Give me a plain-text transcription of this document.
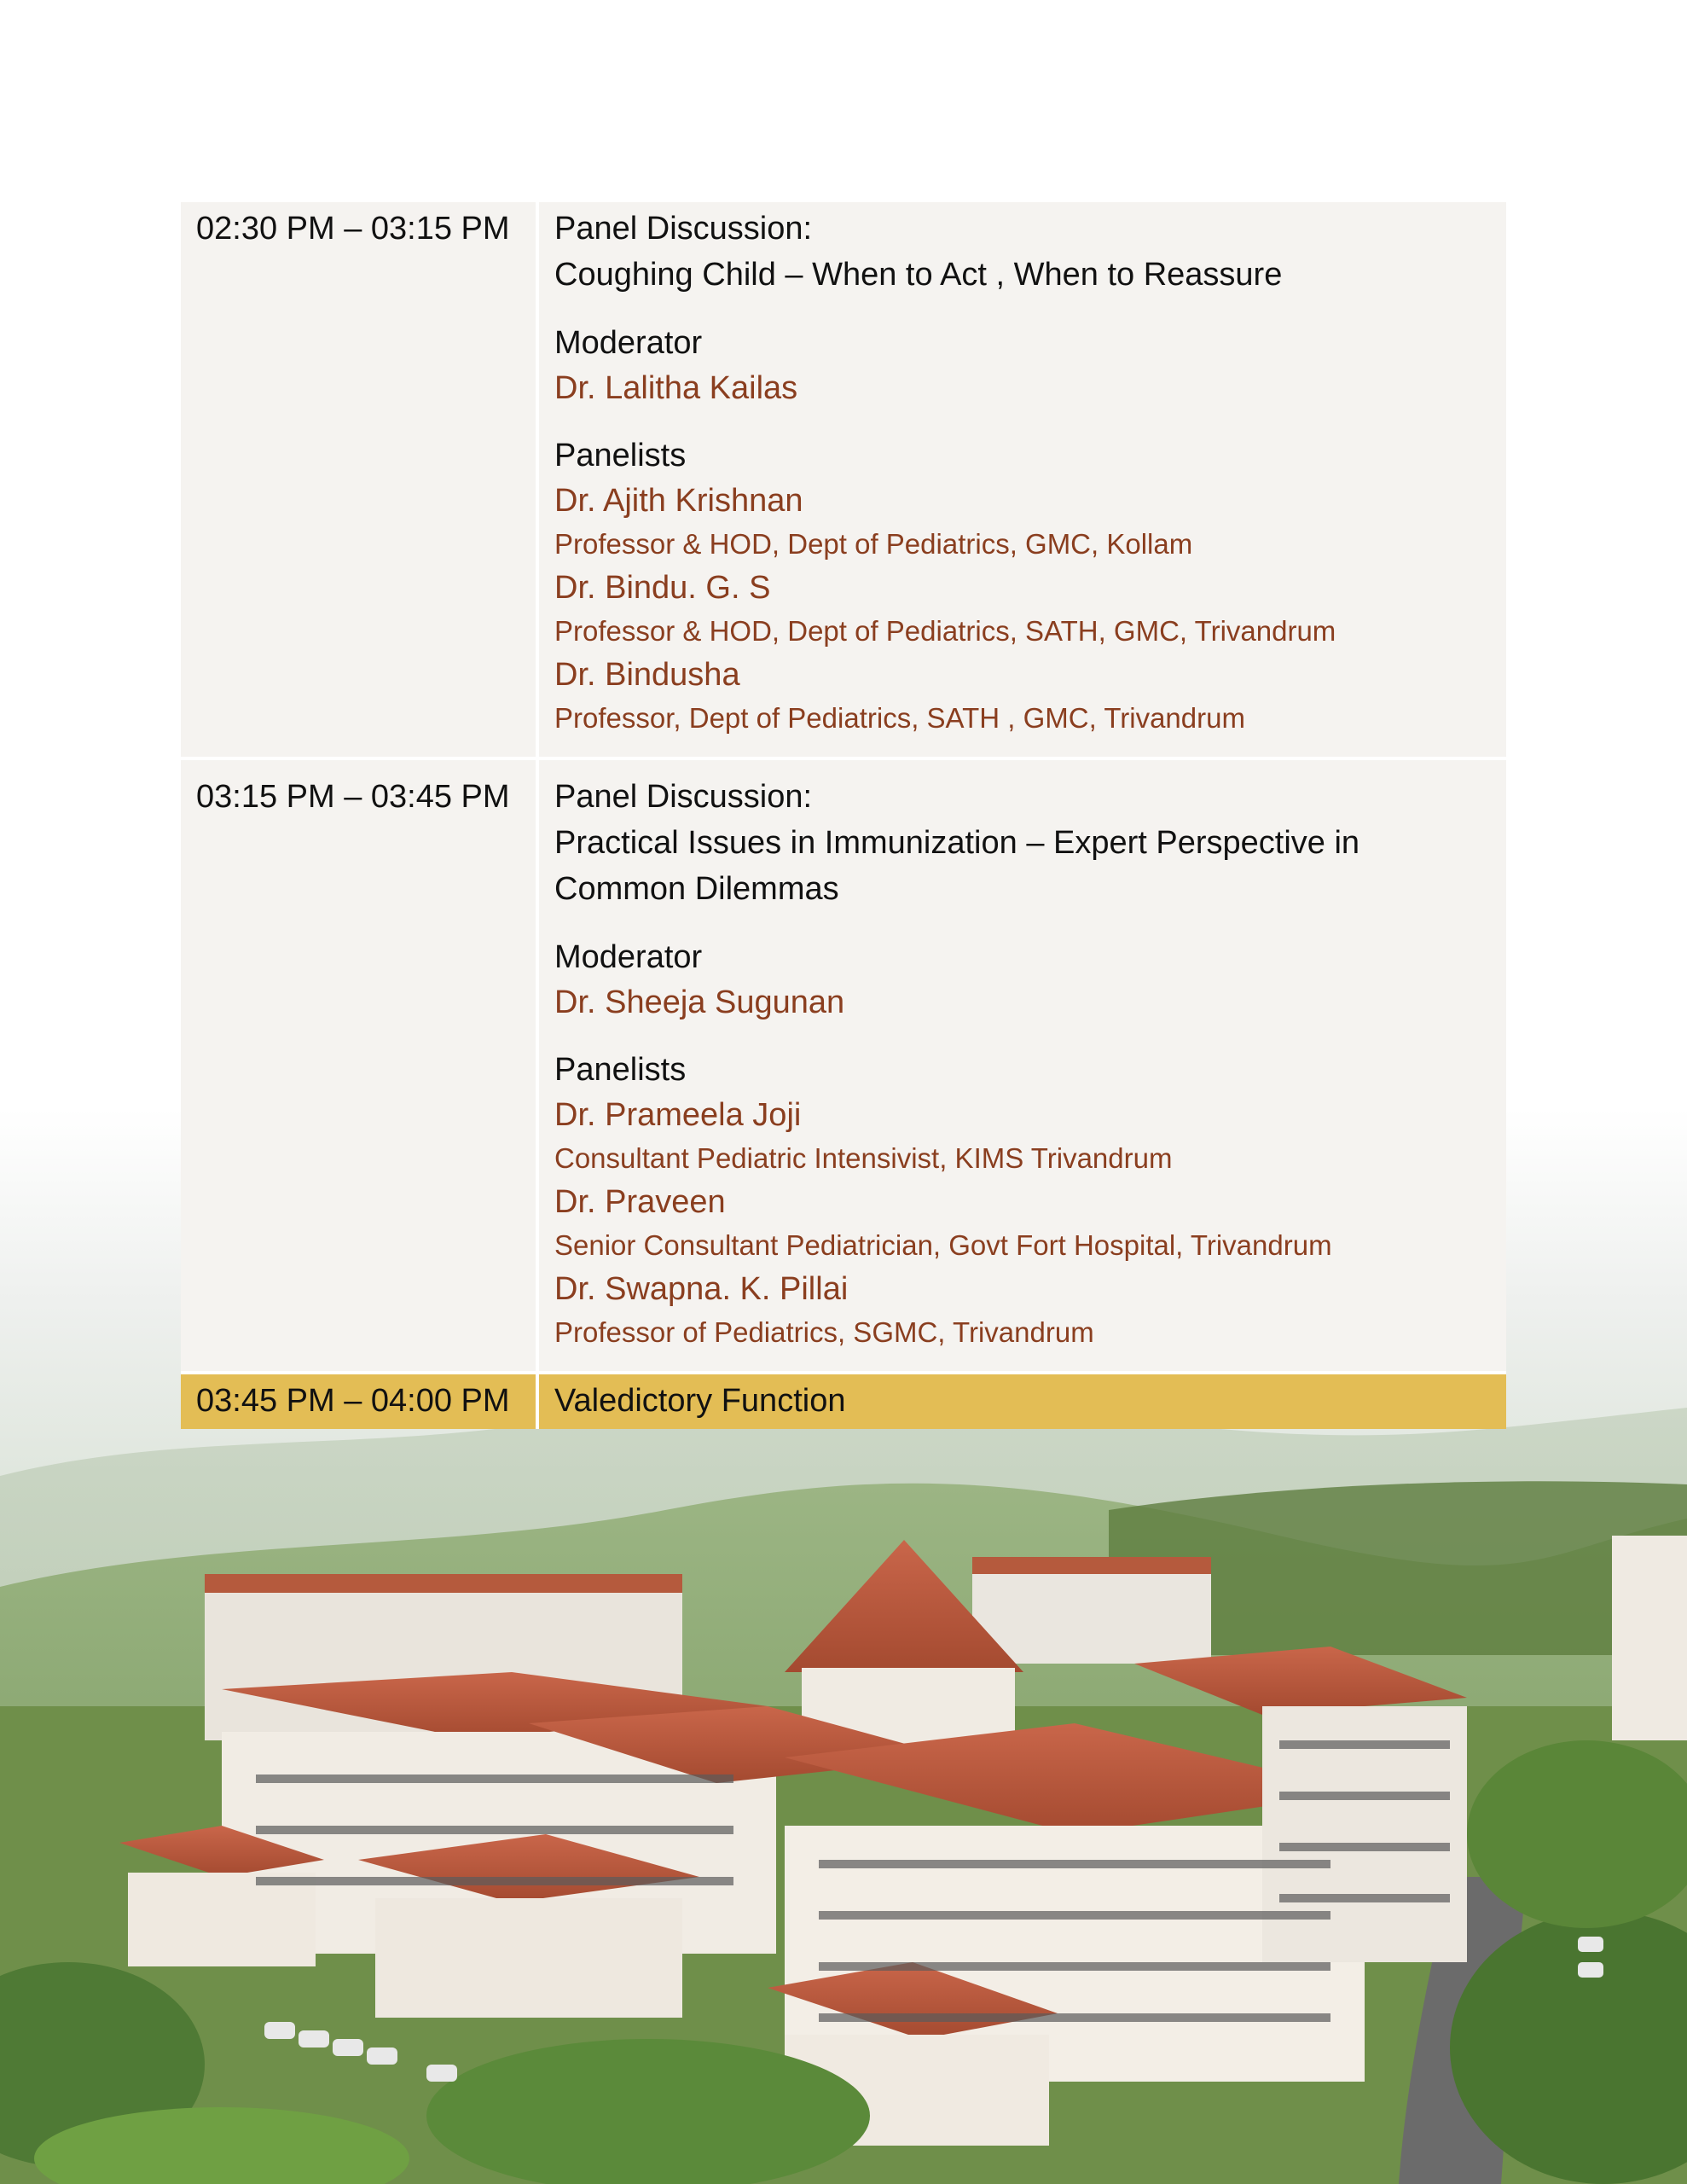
02:30 PM – 03:15 PM	Panel Discussion:
Coughing Child – When to Act , When to Reassure
Moderator
Dr. Lalitha Kailas
Panelists
Dr. Ajith Krishnan
Professor & HOD, Dept of Pediatrics, GMC, Kollam
Dr. Bindu. G. S
Professor & HOD, Dept of Pediatrics, SATH, GMC, Trivandrum
Dr. Bindusha
Professor, Dept of Pediatrics, SATH , GMC, Trivandrum
03:15 PM – 03:45 PM	Panel Discussion:
Practical Issues in Immunization – Expert Perspective in
Common Dilemmas
Moderator
Dr. Sheeja Sugunan
Panelists
Dr. Prameela Joji
Consultant Pediatric Intensivist, KIMS Trivandrum
Dr. Praveen
Senior Consultant Pediatrician, Govt Fort Hospital, Trivandrum
Dr. Swapna. K. Pillai
Professor of Pediatrics, SGMC, Trivandrum
03:45 PM – 04:00 PM	Valedictory Function
